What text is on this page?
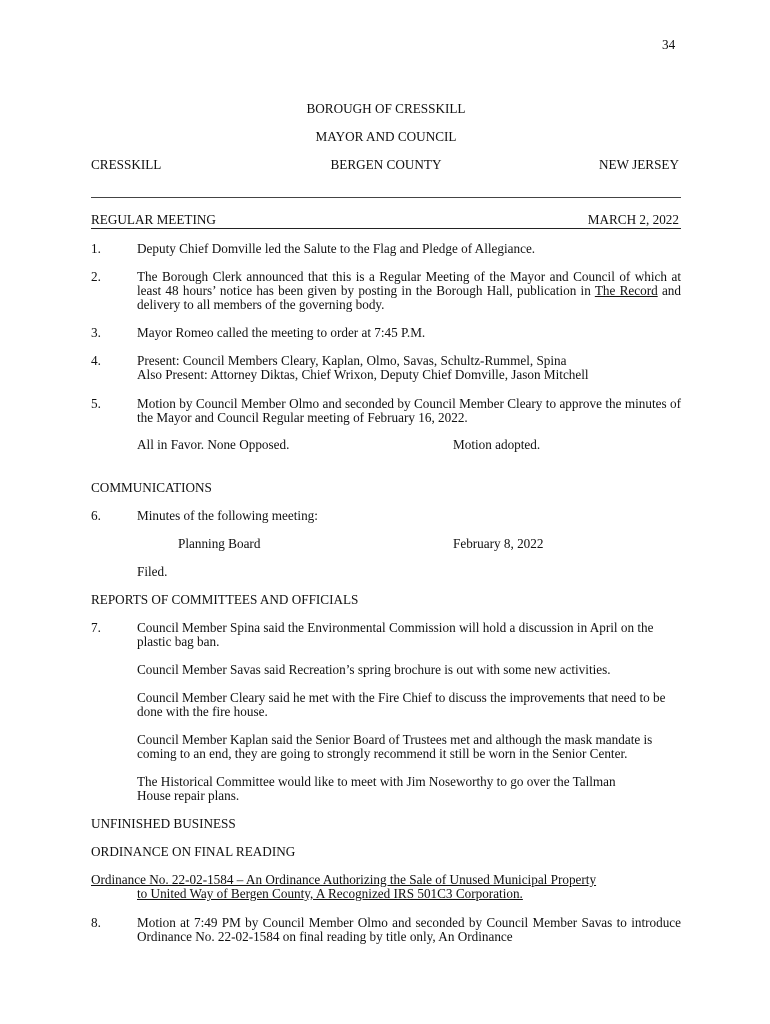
34
BOROUGH OF CRESSKILL
MAYOR AND COUNCIL
CRESSKILL	BERGEN COUNTY	NEW JERSEY
REGULAR MEETING	MARCH 2, 2022
1.	Deputy Chief Domville led the Salute to the Flag and Pledge of Allegiance.
2.	The Borough Clerk announced that this is a Regular Meeting of the Mayor and Council of which at least 48 hours’ notice has been given by posting in the Borough Hall, publication in The Record and delivery to all members of the governing body.
3.	Mayor Romeo called the meeting to order at 7:45 P.M.
4.	Present: Council Members Cleary, Kaplan, Olmo, Savas, Schultz-Rummel, Spina
Also Present: Attorney Diktas, Chief Wrixon, Deputy Chief Domville, Jason Mitchell
5.	Motion by Council Member Olmo and seconded by Council Member Cleary to approve the minutes of the Mayor and Council Regular meeting of February 16, 2022.
All in Favor. None Opposed.	Motion adopted.
COMMUNICATIONS
6.	Minutes of the following meeting:
Planning Board	February 8, 2022
Filed.
REPORTS OF COMMITTEES AND OFFICIALS
7.	Council Member Spina said the Environmental Commission will hold a discussion in April on the plastic bag ban.
Council Member Savas said Recreation’s spring brochure is out with some new activities.
Council Member Cleary said he met with the Fire Chief to discuss the improvements that need to be done with the fire house.
Council Member Kaplan said the Senior Board of Trustees met and although the mask mandate is coming to an end, they are going to strongly recommend it still be worn in the Senior Center.
The Historical Committee would like to meet with Jim Noseworthy to go over the Tallman House repair plans.
UNFINISHED BUSINESS
ORDINANCE ON FINAL READING
Ordinance No. 22-02-1584 – An Ordinance Authorizing the Sale of Unused Municipal Property
to United Way of Bergen County, A Recognized IRS 501C3 Corporation.
8.	Motion at 7:49 PM by Council Member Olmo and seconded by Council Member Savas to introduce Ordinance No. 22-02-1584 on final reading by title only, An Ordinance
